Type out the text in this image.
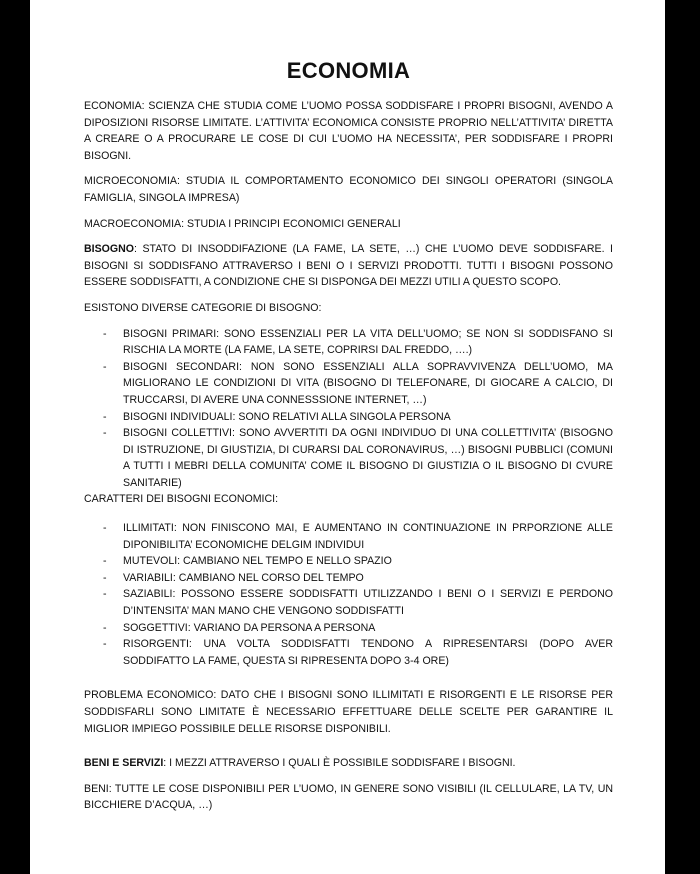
ECONOMIA

ECONOMIA: SCIENZA CHE STUDIA COME L’UOMO POSSA SODDISFARE I PROPRI BISOGNI, AVENDO A DIPOSIZIONI RISORSE LIMITATE. L’ATTIVITA’ ECONOMICA CONSISTE PROPRIO NELL’ATTIVITA’ DIRETTA A CREARE O A PROCURARE LE COSE DI CUI L’UOMO HA NECESSITA’, PER SODDISFARE I PROPRI BISOGNI.

MICROECONOMIA: STUDIA IL COMPORTAMENTO ECONOMICO DEI SINGOLI OPERATORI (SINGOLA FAMIGLIA, SINGOLA IMPRESA)

MACROECONOMIA: STUDIA I PRINCIPI ECONOMICI GENERALI

BISOGNO: STATO DI INSODDIFAZIONE (LA FAME, LA SETE, …) CHE L’UOMO DEVE SODDISFARE. I BISOGNI SI SODDISFANO ATTRAVERSO I BENI O I SERVIZI PRODOTTI. TUTTI I BISOGNI POSSONO ESSERE SODDISFATTI, A CONDIZIONE CHE SI DISPONGA DEI MEZZI UTILI A QUESTO SCOPO.

ESISTONO DIVERSE CATEGORIE DI BISOGNO:

- BISOGNI PRIMARI: SONO ESSENZIALI PER LA VITA DELL’UOMO; SE NON SI SODDISFANO SI RISCHIA LA MORTE (LA FAME, LA SETE, COPRIRSI DAL FREDDO, ….)
- BISOGNI SECONDARI: NON SONO ESSENZIALI ALLA SOPRAVVIVENZA DELL’UOMO, MA MIGLIORANO LE CONDIZIONI DI VITA (BISOGNO DI TELEFONARE, DI GIOCARE A CALCIO, DI TRUCCARSI, DI AVERE UNA CONNESSSIONE INTERNET, …)
- BISOGNI INDIVIDUALI: SONO RELATIVI ALLA SINGOLA PERSONA
- BISOGNI COLLETTIVI: SONO AVVERTITI DA OGNI INDIVIDUO DI UNA COLLETTIVITA’ (BISOGNO DI ISTRUZIONE, DI GIUSTIZIA, DI CURARSI DAL CORONAVIRUS, …) BISOGNI PUBBLICI (COMUNI A TUTTI I MEBRI DELLA COMUNITA’ COME IL BISOGNO DI GIUSTIZIA O IL BISOGNO DI CVURE SANITARIE)

CARATTERI DEI BISOGNI ECONOMICI:

- ILLIMITATI: NON FINISCONO MAI, E AUMENTANO IN CONTINUAZIONE IN PRPORZIONE ALLE DIPONIBILITA’ ECONOMICHE DELGIM INDIVIDUI
- MUTEVOLI: CAMBIANO NEL TEMPO E NELLO SPAZIO
- VARIABILI: CAMBIANO NEL CORSO DEL TEMPO
- SAZIABILI: POSSONO ESSERE SODDISFATTI UTILIZZANDO I BENI O I SERVIZI E PERDONO D’INTENSITA’ MAN MANO CHE VENGONO SODDISFATTI
- SOGGETTIVI: VARIANO DA PERSONA A PERSONA
- RISORGENTI: UNA VOLTA SODDISFATTI TENDONO A RIPRESENTARSI (DOPO AVER SODDIFATTO LA FAME, QUESTA SI RIPRESENTA DOPO 3-4 ORE)

PROBLEMA ECONOMICO: DATO CHE I BISOGNI SONO ILLIMITATI E RISORGENTI E LE RISORSE PER SODDISFARLI SONO LIMITATE È NECESSARIO EFFETTUARE DELLE SCELTE PER GARANTIRE IL MIGLIOR IMPIEGO POSSIBILE DELLE RISORSE DISPONIBILI.

BENI E SERVIZI: I MEZZI ATTRAVERSO I QUALI È POSSIBILE SODDISFARE I BISOGNI.

BENI: TUTTE LE COSE DISPONIBILI PER L’UOMO, IN GENERE SONO VISIBILI (IL CELLULARE, LA TV, UN BICCHIERE D’ACQUA, …)
